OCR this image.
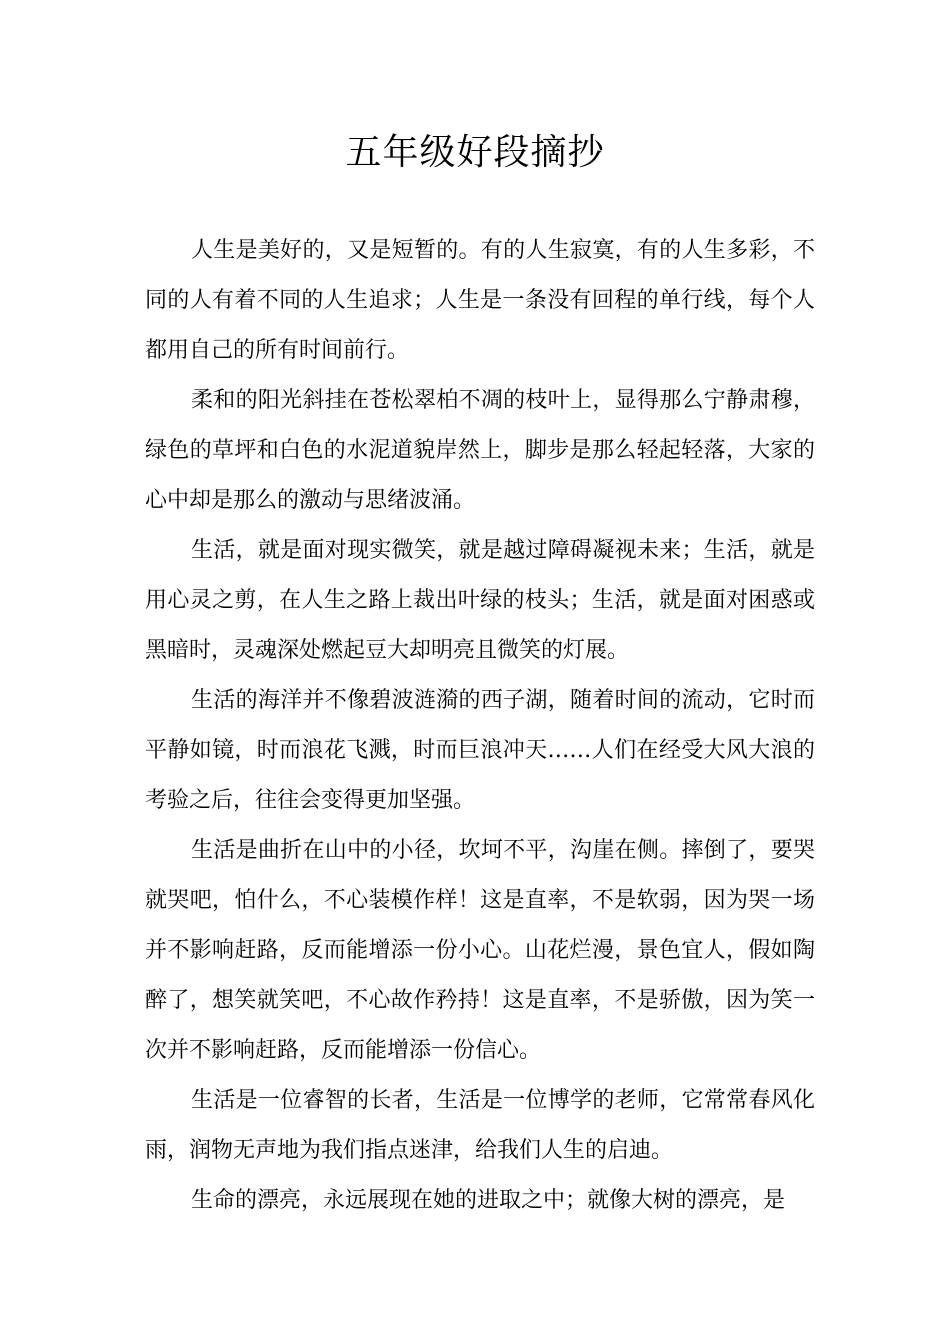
五年级好段摘抄

人生是美好的，又是短暂的。有的人生寂寞，有的人生多彩，不同的人有着不同的人生追求；人生是一条没有回程的单行线，每个人都用自己的所有时间前行。

柔和的阳光斜挂在苍松翠柏不凋的枝叶上，显得那么宁静肃穆，绿色的草坪和白色的水泥道貌岸然上，脚步是那么轻起轻落，大家的心中却是那么的激动与思绪波涌。

生活，就是面对现实微笑，就是越过障碍凝视未来；生活，就是用心灵之剪，在人生之路上裁出叶绿的枝头；生活，就是面对困惑或黑暗时，灵魂深处燃起豆大却明亮且微笑的灯展。

生活的海洋并不像碧波涟漪的西子湖，随着时间的流动，它时而平静如镜，时而浪花飞溅，时而巨浪冲天……人们在经受大风大浪的考验之后，往往会变得更加坚强。

生活是曲折在山中的小径，坎坷不平，沟崖在侧。摔倒了，要哭就哭吧，怕什么，不心装模作样！这是直率，不是软弱，因为哭一场并不影响赶路，反而能增添一份小心。山花烂漫，景色宜人，假如陶醉了，想笑就笑吧，不心故作矜持！这是直率，不是骄傲，因为笑一次并不影响赶路，反而能增添一份信心。

生活是一位睿智的长者，生活是一位博学的老师，它常常春风化雨，润物无声地为我们指点迷津，给我们人生的启迪。

生命的漂亮，永远展现在她的进取之中；就像大树的漂亮，是
